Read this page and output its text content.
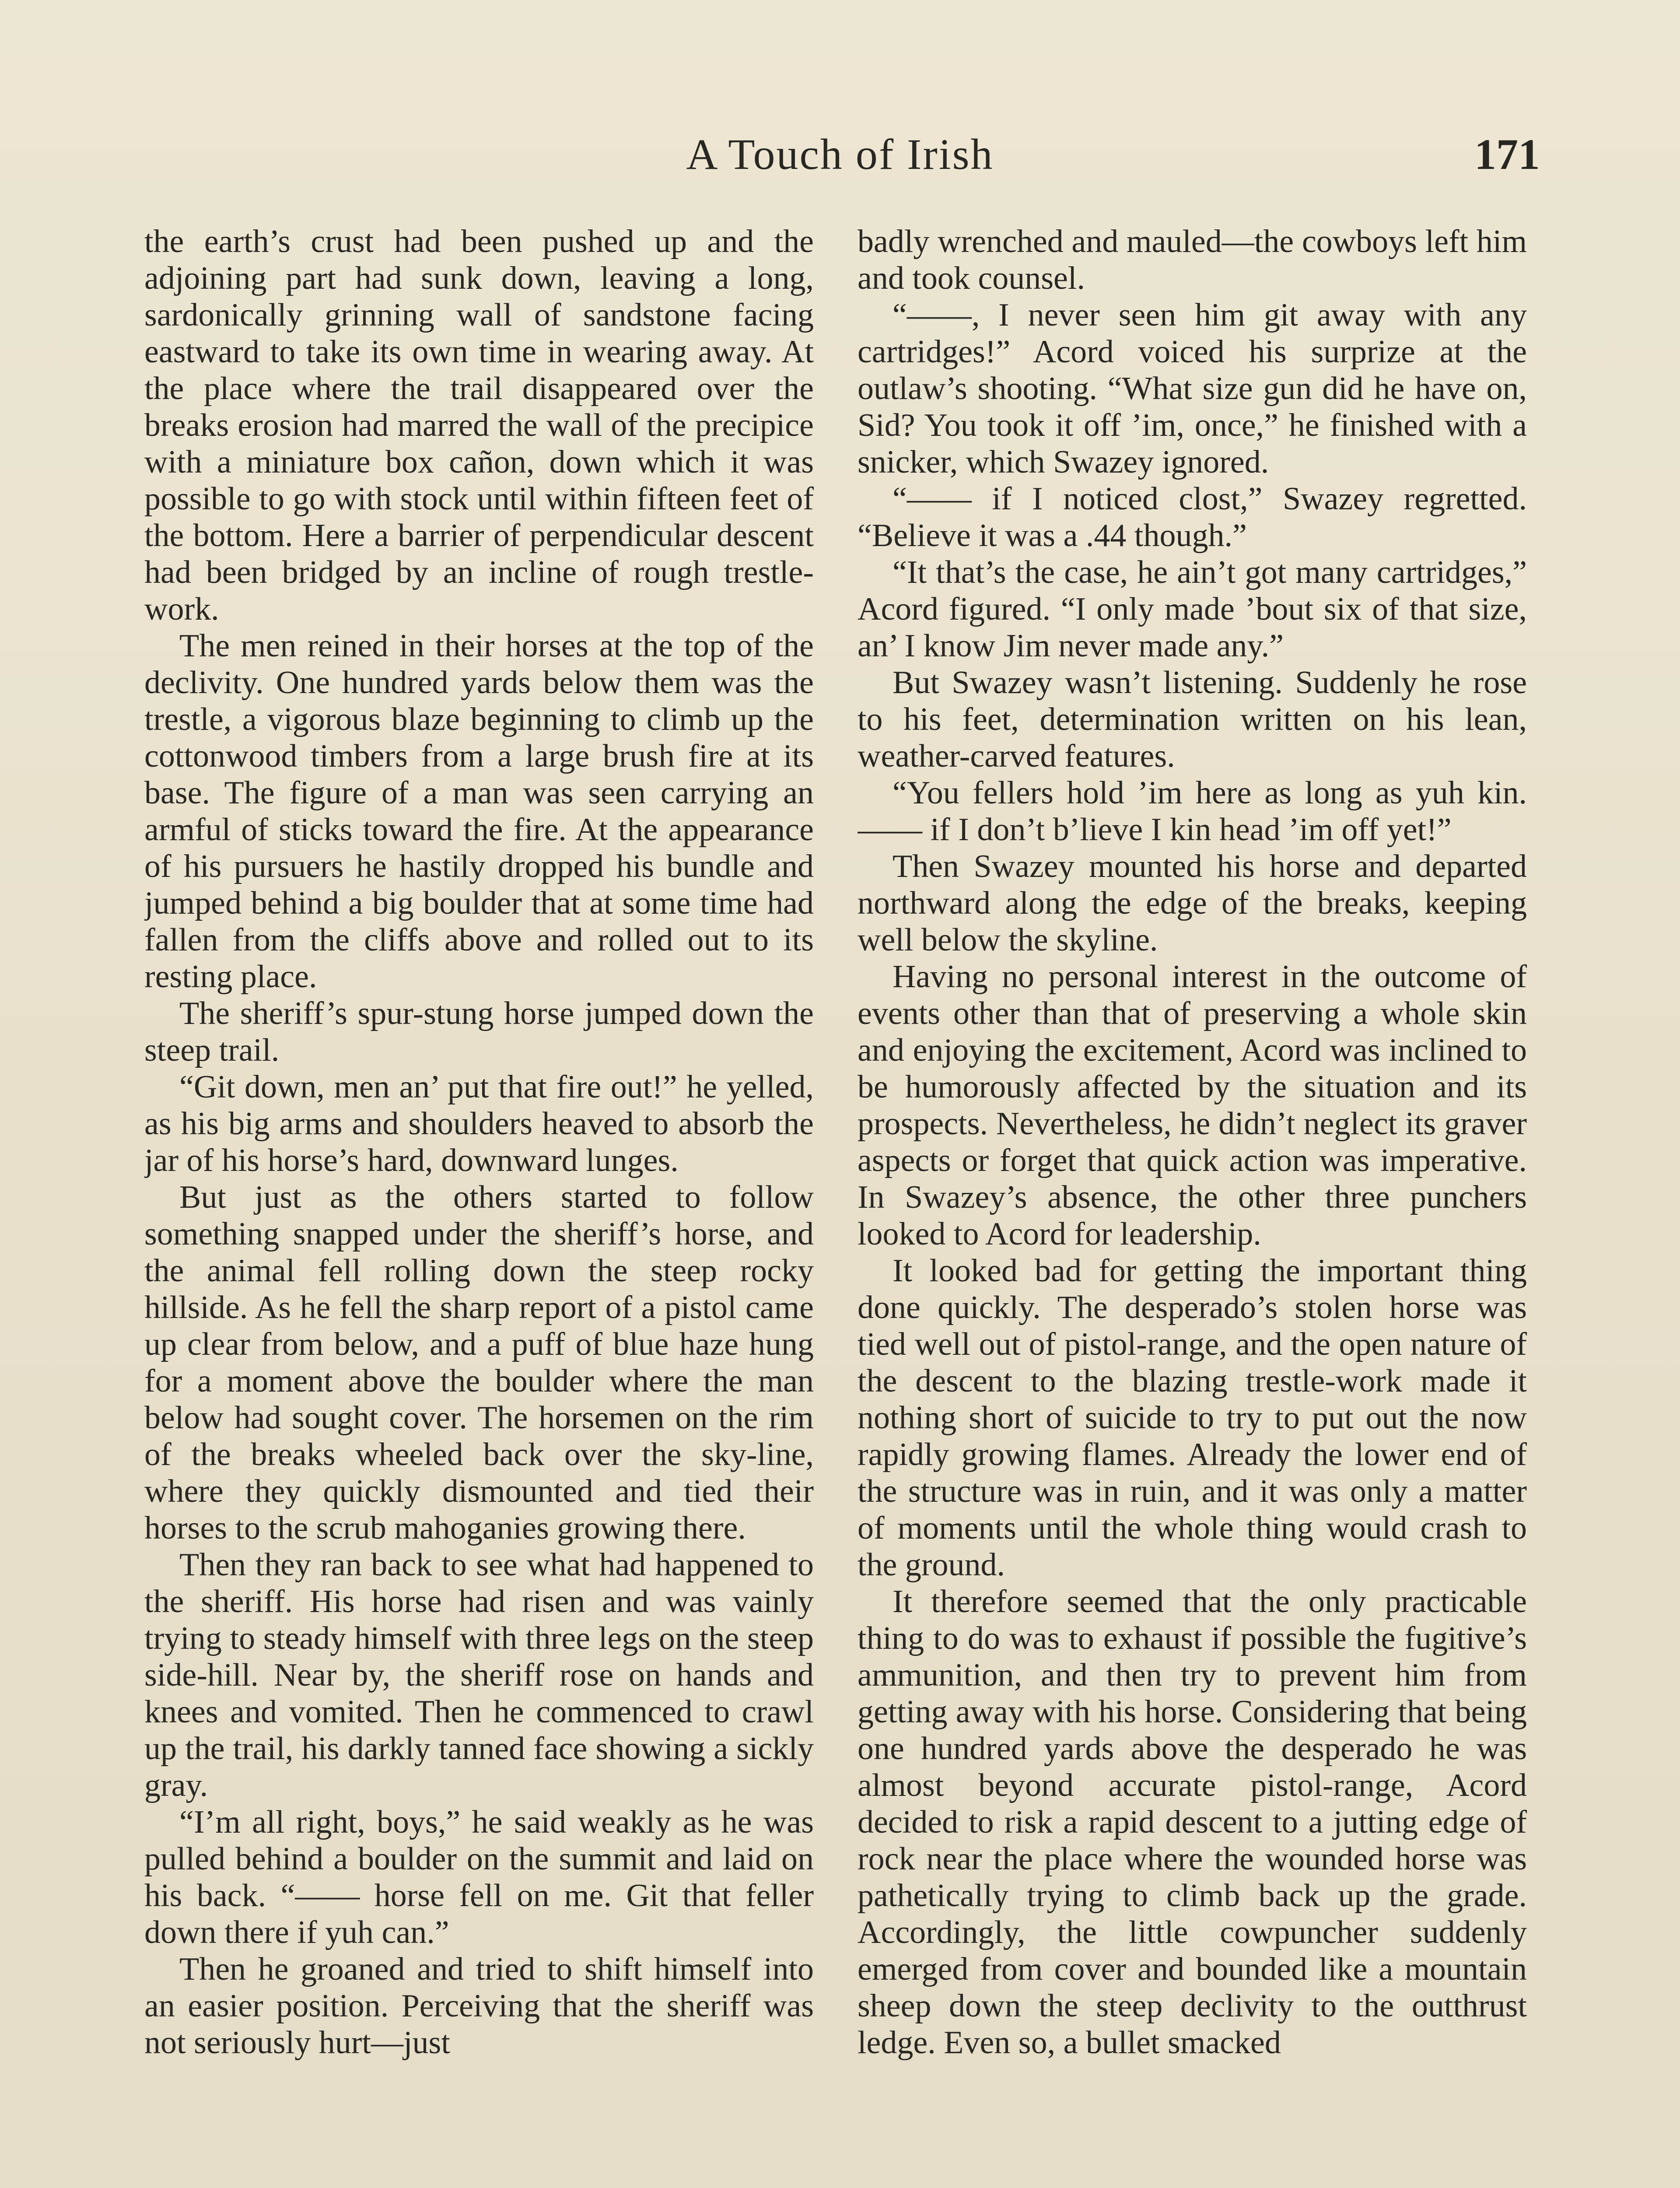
A Touch of Irish	171

the earth’s crust had been pushed up and the adjoining part had sunk down, leaving a long, sardonically grinning wall of sandstone facing eastward to take its own time in wearing away. At the place where the trail disappeared over the breaks erosion had marred the wall of the precipice with a miniature box cañon, down which it was possible to go with stock until within fifteen feet of the bottom. Here a barrier of perpendicular descent had been bridged by an incline of rough trestle-work.

The men reined in their horses at the top of the declivity. One hundred yards below them was the trestle, a vigorous blaze beginning to climb up the cottonwood timbers from a large brush fire at its base. The figure of a man was seen carrying an armful of sticks toward the fire. At the appearance of his pursuers he hastily dropped his bundle and jumped behind a big boulder that at some time had fallen from the cliffs above and rolled out to its resting place.

The sheriff’s spur-stung horse jumped down the steep trail.

“Git down, men an’ put that fire out!” he yelled, as his big arms and shoulders heaved to absorb the jar of his horse’s hard, downward lunges.

But just as the others started to follow something snapped under the sheriff’s horse, and the animal fell rolling down the steep rocky hillside. As he fell the sharp report of a pistol came up clear from below, and a puff of blue haze hung for a moment above the boulder where the man below had sought cover. The horsemen on the rim of the breaks wheeled back over the sky-line, where they quickly dismounted and tied their horses to the scrub mahoganies growing there.

Then they ran back to see what had happened to the sheriff. His horse had risen and was vainly trying to steady himself with three legs on the steep side-hill. Near by, the sheriff rose on hands and knees and vomited. Then he commenced to crawl up the trail, his darkly tanned face showing a sickly gray.

“I’m all right, boys,” he said weakly as he was pulled behind a boulder on the summit and laid on his back. “—— horse fell on me. Git that feller down there if yuh can.”

Then he groaned and tried to shift himself into an easier position. Perceiving that the sheriff was not seriously hurt—just

badly wrenched and mauled—the cowboys left him and took counsel.

“——, I never seen him git away with any cartridges!” Acord voiced his surprize at the outlaw’s shooting. “What size gun did he have on, Sid? You took it off ’im, once,” he finished with a snicker, which Swazey ignored.

“—— if I noticed clost,” Swazey regretted. “Believe it was a .44 though.”

“It that’s the case, he ain’t got many cartridges,” Acord figured. “I only made ’bout six of that size, an’ I know Jim never made any.”

But Swazey wasn’t listening. Suddenly he rose to his feet, determination written on his lean, weather-carved features.

“You fellers hold ’im here as long as yuh kin. —— if I don’t b’lieve I kin head ’im off yet!”

Then Swazey mounted his horse and departed northward along the edge of the breaks, keeping well below the skyline.

Having no personal interest in the outcome of events other than that of preserving a whole skin and enjoying the excitement, Acord was inclined to be humorously affected by the situation and its prospects. Nevertheless, he didn’t neglect its graver aspects or forget that quick action was imperative. In Swazey’s absence, the other three punchers looked to Acord for leadership.

It looked bad for getting the important thing done quickly. The desperado’s stolen horse was tied well out of pistol-range, and the open nature of the descent to the blazing trestle-work made it nothing short of suicide to try to put out the now rapidly growing flames. Already the lower end of the structure was in ruin, and it was only a matter of moments until the whole thing would crash to the ground.

It therefore seemed that the only practicable thing to do was to exhaust if possible the fugitive’s ammunition, and then try to prevent him from getting away with his horse. Considering that being one hundred yards above the desperado he was almost beyond accurate pistol-range, Acord decided to risk a rapid descent to a jutting edge of rock near the place where the wounded horse was pathetically trying to climb back up the grade. Accordingly, the little cowpuncher suddenly emerged from cover and bounded like a mountain sheep down the steep declivity to the outthrust ledge. Even so, a bullet smacked
